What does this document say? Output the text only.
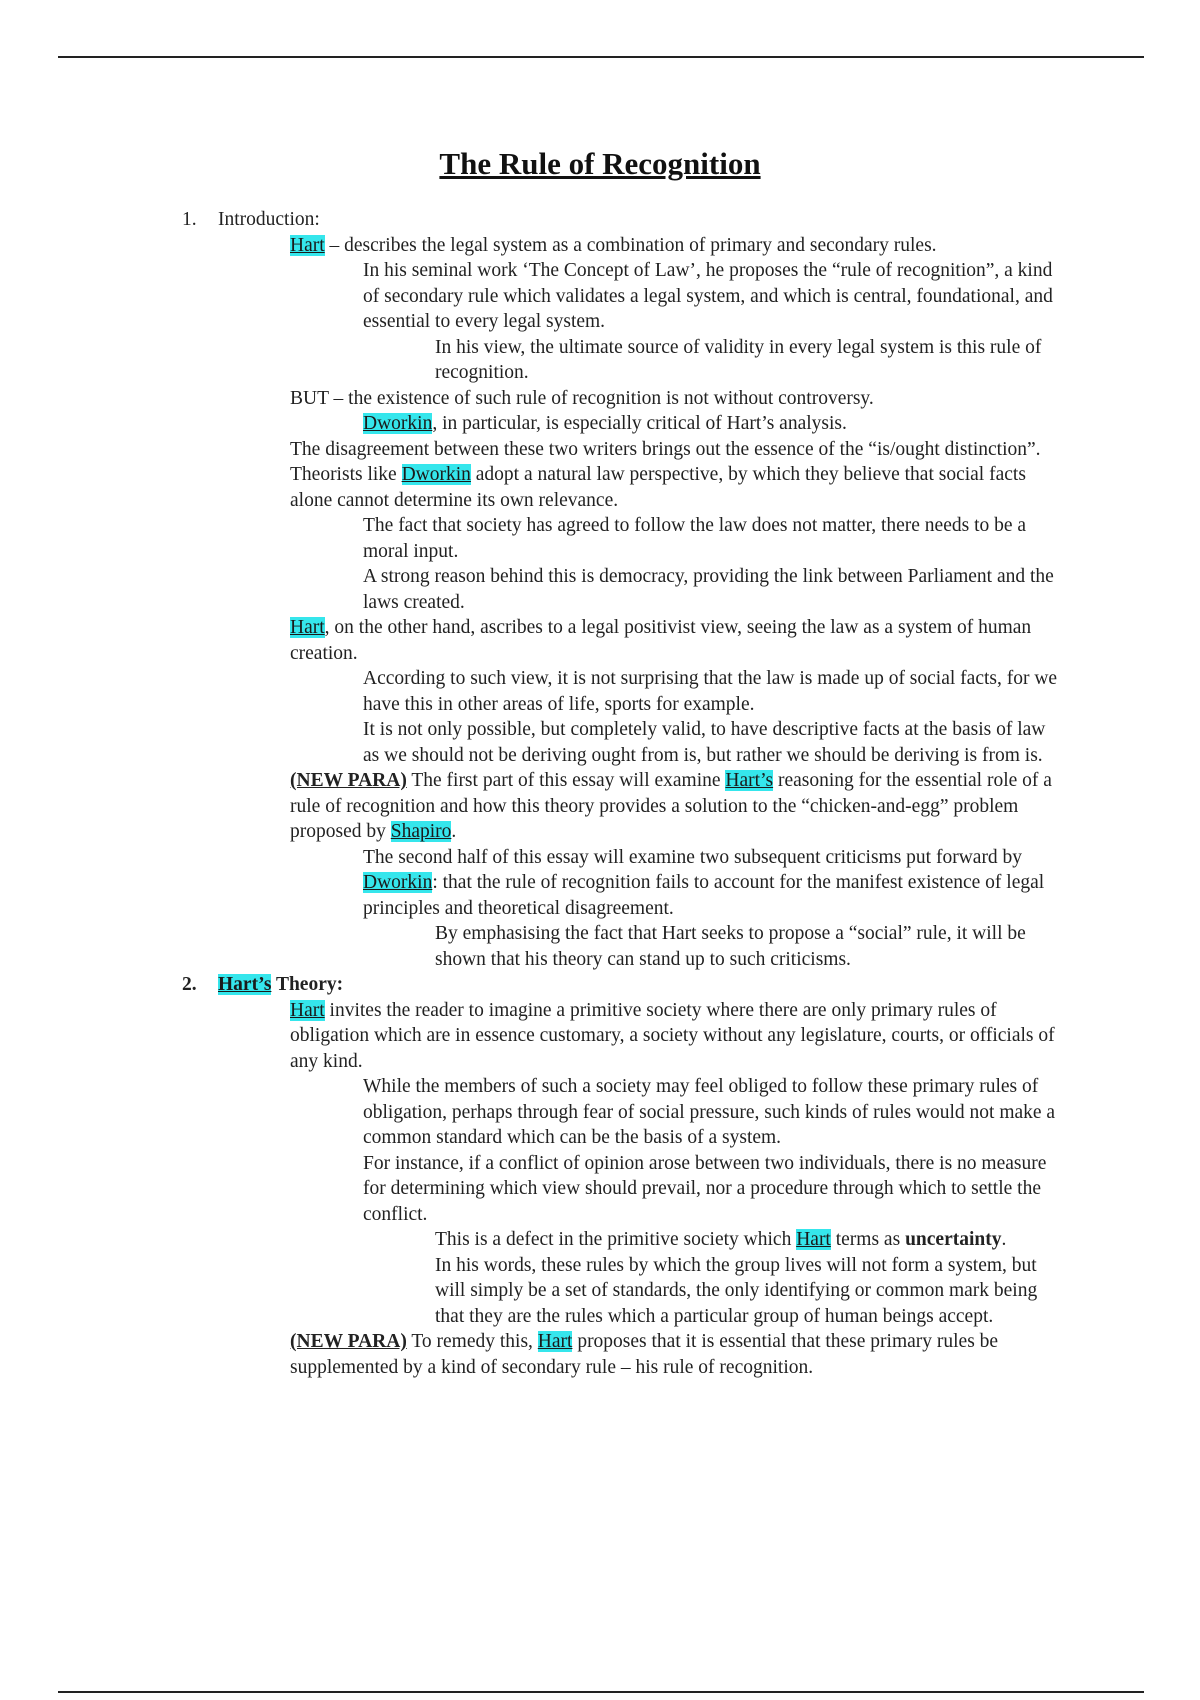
The Rule of Recognition
1. Introduction:

Hart – describes the legal system as a combination of primary and secondary rules.

In his seminal work ‘The Concept of Law’, he proposes the “rule of recognition”, a kind of secondary rule which validates a legal system, and which is central, foundational, and essential to every legal system.

In his view, the ultimate source of validity in every legal system is this rule of recognition.

BUT – the existence of such rule of recognition is not without controversy.

Dworkin, in particular, is especially critical of Hart’s analysis.

The disagreement between these two writers brings out the essence of the “is/ought distinction”.

Theorists like Dworkin adopt a natural law perspective, by which they believe that social facts alone cannot determine its own relevance.

The fact that society has agreed to follow the law does not matter, there needs to be a moral input.

A strong reason behind this is democracy, providing the link between Parliament and the laws created.

Hart, on the other hand, ascribes to a legal positivist view, seeing the law as a system of human creation.

According to such view, it is not surprising that the law is made up of social facts, for we have this in other areas of life, sports for example.

It is not only possible, but completely valid, to have descriptive facts at the basis of law as we should not be deriving ought from is, but rather we should be deriving is from is.

(NEW PARA) The first part of this essay will examine Hart’s reasoning for the essential role of a rule of recognition and how this theory provides a solution to the “chicken-and-egg” problem proposed by Shapiro.

The second half of this essay will examine two subsequent criticisms put forward by Dworkin: that the rule of recognition fails to account for the manifest existence of legal principles and theoretical disagreement.

By emphasising the fact that Hart seeks to propose a “social” rule, it will be shown that his theory can stand up to such criticisms.

2. Hart’s Theory:

Hart invites the reader to imagine a primitive society where there are only primary rules of obligation which are in essence customary, a society without any legislature, courts, or officials of any kind.

While the members of such a society may feel obliged to follow these primary rules of obligation, perhaps through fear of social pressure, such kinds of rules would not make a common standard which can be the basis of a system.

For instance, if a conflict of opinion arose between two individuals, there is no measure for determining which view should prevail, nor a procedure through which to settle the conflict.

This is a defect in the primitive society which Hart terms as uncertainty.

In his words, these rules by which the group lives will not form a system, but will simply be a set of standards, the only identifying or common mark being that they are the rules which a particular group of human beings accept.

(NEW PARA) To remedy this, Hart proposes that it is essential that these primary rules be supplemented by a kind of secondary rule – his rule of recognition.
